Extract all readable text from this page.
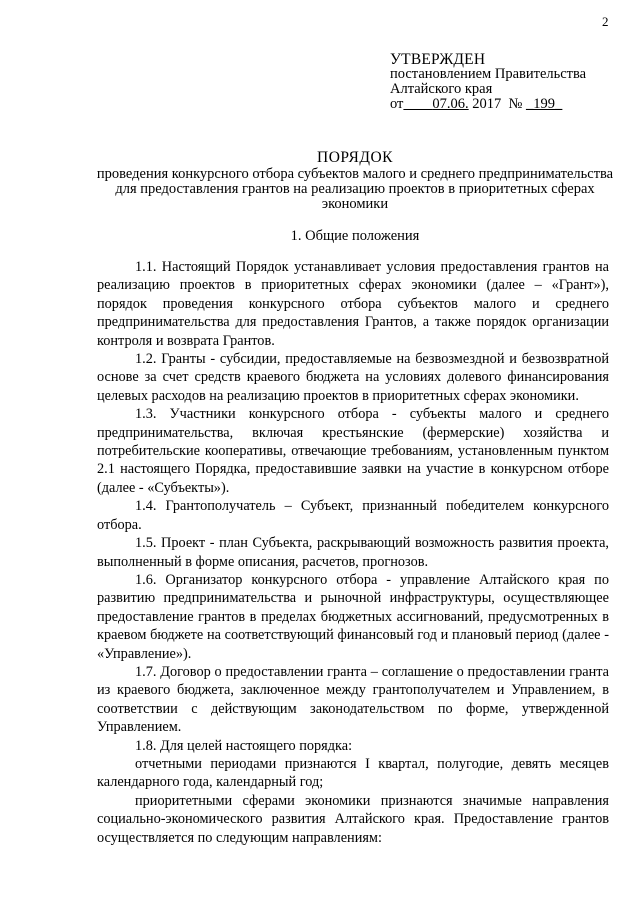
2
УТВЕРЖДЕН
постановлением Правительства
Алтайского края
от 07.06. 2017  № _199_
ПОРЯДОК
проведения конкурсного отбора субъектов малого и среднего предпринимательства для предоставления грантов на реализацию проектов в приоритетных сферах экономики
1. Общие положения

1.1. Настоящий Порядок устанавливает условия предоставления грантов на реализацию проектов в приоритетных сферах экономики (далее – «Грант»), порядок проведения конкурсного отбора субъектов малого и среднего предпринимательства для предоставления Грантов, а также порядок организации контроля и возврата Грантов.

1.2. Гранты - субсидии, предоставляемые на безвозмездной и безвозвратной основе за счет средств краевого бюджета на условиях долевого финансирования целевых расходов на реализацию проектов в приоритетных сферах экономики.

1.3. Участники конкурсного отбора - субъекты малого и среднего предпринимательства, включая крестьянские (фермерские) хозяйства и потребительские кооперативы, отвечающие требованиям, установленным пунктом 2.1 настоящего Порядка, предоставившие заявки на участие в конкурсном отборе (далее - «Субъекты»).

1.4. Грантополучатель – Субъект, признанный победителем конкурсного отбора.

1.5. Проект - план Субъекта, раскрывающий возможность развития проекта, выполненный в форме описания, расчетов, прогнозов.

1.6. Организатор конкурсного отбора - управление Алтайского края по развитию предпринимательства и рыночной инфраструктуры, осуществляющее предоставление грантов в пределах бюджетных ассигнований, предусмотренных в краевом бюджете на соответствующий финансовый год и плановый период (далее - «Управление»).

1.7. Договор о предоставлении гранта – соглашение о предоставлении гранта из краевого бюджета, заключенное между грантополучателем и Управлением, в соответствии с действующим законодательством по форме, утвержденной Управлением.

1.8. Для целей настоящего порядка:

отчетными периодами признаются I квартал, полугодие, девять месяцев календарного года, календарный год;

приоритетными сферами экономики признаются значимые направления социально-экономического развития Алтайского края. Предоставление грантов осуществляется по следующим направлениям:
